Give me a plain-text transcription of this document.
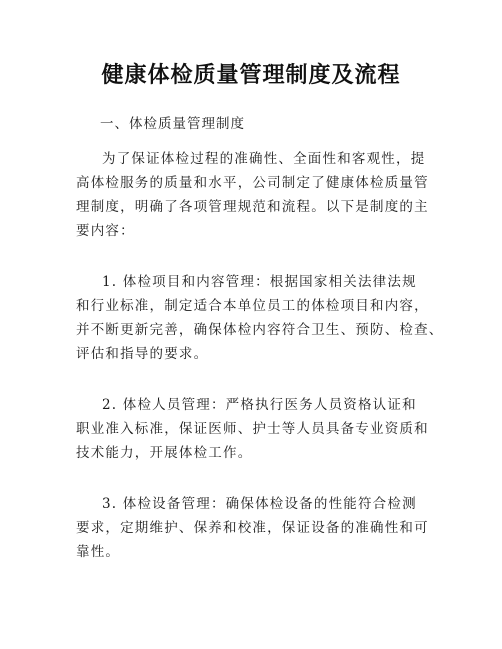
健康体检质量管理制度及流程
一、体检质量管理制度

为了保证体检过程的准确性、全面性和客观性，提
高体检服务的质量和水平，公司制定了健康体检质量管
理制度，明确了各项管理规范和流程。以下是制度的主
要内容：

1. 体检项目和内容管理：根据国家相关法律法规
和行业标准，制定适合本单位员工的体检项目和内容，
并不断更新完善，确保体检内容符合卫生、预防、检查、
评估和指导的要求。

2. 体检人员管理：严格执行医务人员资格认证和
职业准入标准，保证医师、护士等人员具备专业资质和
技术能力，开展体检工作。

3. 体检设备管理：确保体检设备的性能符合检测
要求，定期维护、保养和校准，保证设备的准确性和可
靠性。
